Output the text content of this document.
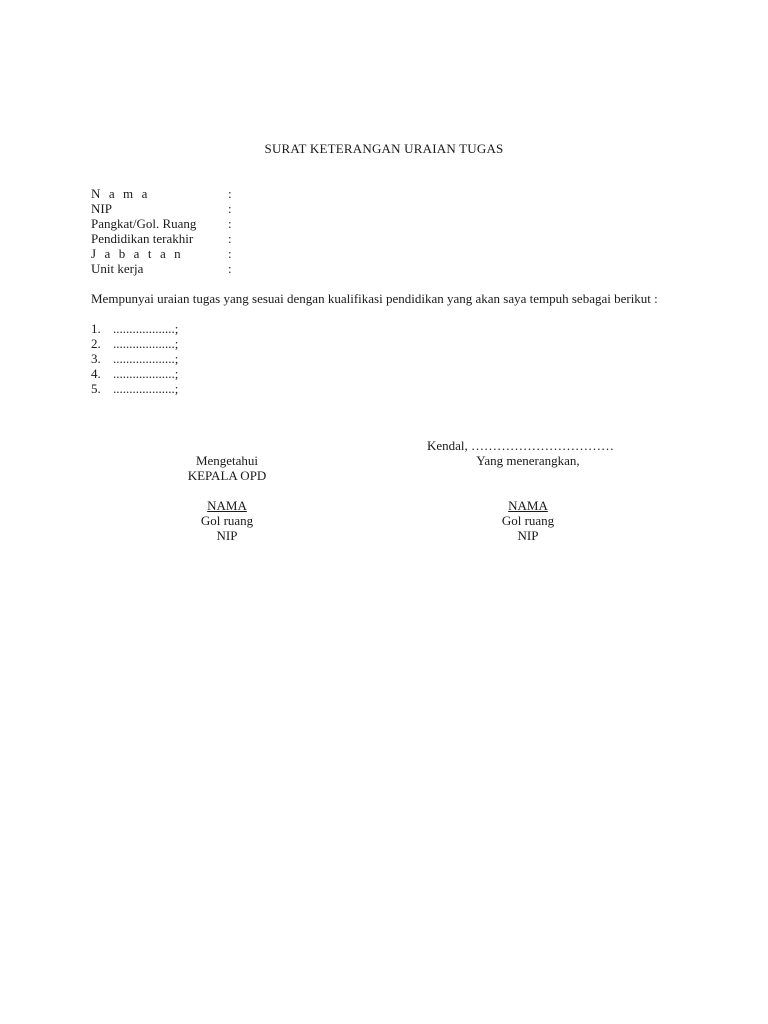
SURAT KETERANGAN URAIAN TUGAS
N a m a	:
NIP	:
Pangkat/Gol. Ruang	:
Pendidikan terakhir	:
J a b a t a n	:
Unit kerja	:
Mempunyai uraian tugas yang sesuai dengan kualifikasi pendidikan yang akan saya tempuh sebagai berikut :
1. ...................;
2. ...................;
3. ...................;
4. ...................;
5. ...................;
Kendal, ……………………………
Mengetahui
KEPALA OPD
NAMA
Gol ruang
NIP
Yang menerangkan,
NAMA
Gol ruang
NIP
